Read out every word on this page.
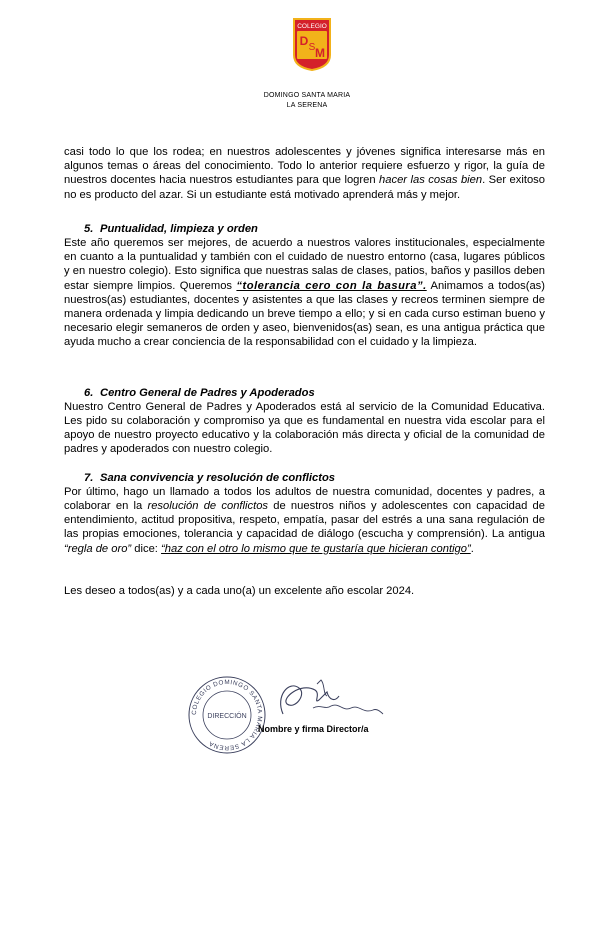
COLEGIO
D S M
DOMINGO SANTA MARIA
LA SERENA

casi todo lo que los rodea; en nuestros adolescentes y jóvenes significa interesarse más en algunos temas o áreas del conocimiento. Todo lo anterior requiere esfuerzo y rigor, la guía de nuestros docentes hacia nuestros estudiantes para que logren hacer las cosas bien. Ser exitoso no es producto del azar. Si un estudiante está motivado aprenderá más y mejor.

5. Puntualidad, limpieza y orden

Este año queremos ser mejores, de acuerdo a nuestros valores institucionales, especialmente en cuanto a la puntualidad y también con el cuidado de nuestro entorno (casa, lugares públicos y en nuestro colegio). Esto significa que nuestras salas de clases, patios, baños y pasillos deben estar siempre limpios. Queremos “tolerancia cero con la basura”. Animamos a todos(as) nuestros(as) estudiantes, docentes y asistentes a que las clases y recreos terminen siempre de manera ordenada y limpia dedicando un breve tiempo a ello; y si en cada curso estiman bueno y necesario elegir semaneros de orden y aseo, bienvenidos(as) sean, es una antigua práctica que ayuda mucho a crear conciencia de la responsabilidad con el cuidado y la limpieza.

6. Centro General de Padres y Apoderados

Nuestro Centro General de Padres y Apoderados está al servicio de la Comunidad Educativa. Les pido su colaboración y compromiso ya que es fundamental en nuestra vida escolar para el apoyo de nuestro proyecto educativo y la colaboración más directa y oficial de la comunidad de padres y apoderados con nuestro colegio.

7. Sana convivencia y resolución de conflictos

Por último, hago un llamado a todos los adultos de nuestra comunidad, docentes y padres, a colaborar en la resolución de conflictos de nuestros niños y adolescentes con capacidad de entendimiento, actitud propositiva, respeto, empatía, pasar del estrés a una sana regulación de las propias emociones, tolerancia y capacidad de diálogo (escucha y comprensión). La antigua “regla de oro” dice: “haz con el otro lo mismo que te gustaría que hicieran contigo”.

Les deseo a todos(as) y a cada uno(a) un excelente año escolar 2024.

COLEGIO DOMINGO SANTA MARIA LA SERENA
DIRECCIÓN
Nombre y firma Director/a
